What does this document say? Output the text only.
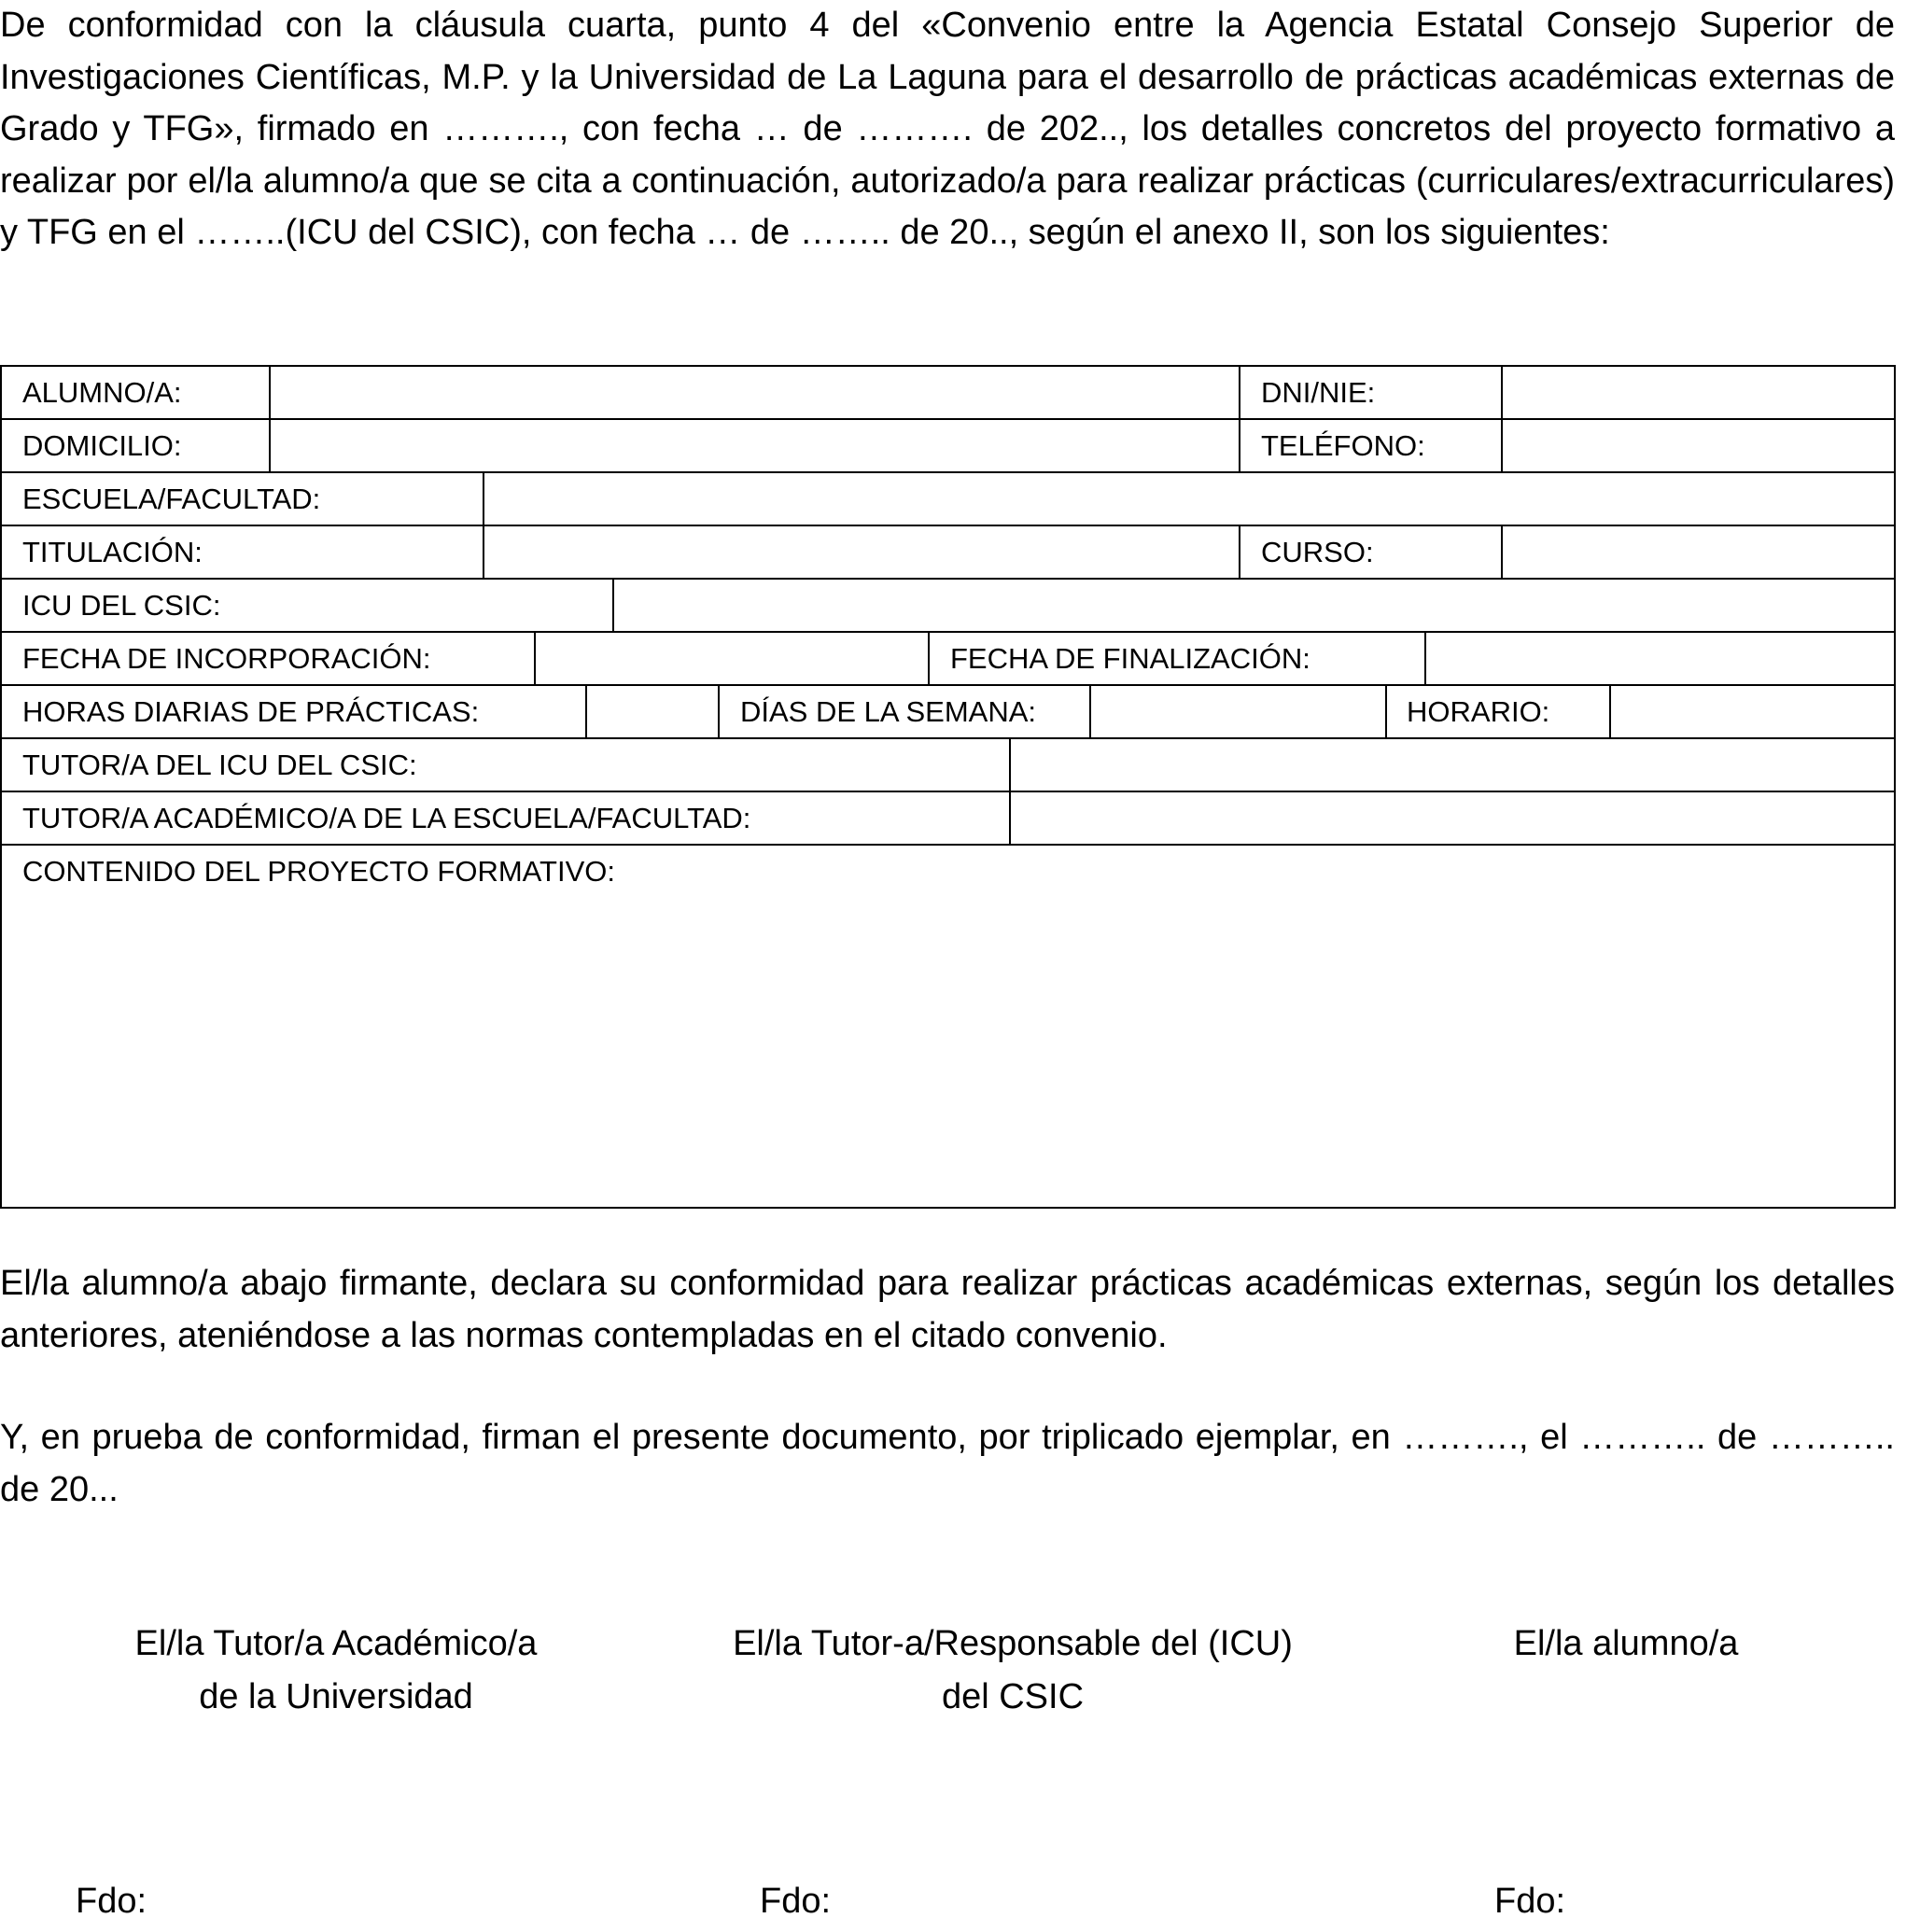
De conformidad con la cláusula cuarta, punto 4 del «Convenio entre la Agencia Estatal Consejo Superior de Investigaciones Científicas, M.P. y la Universidad de La Laguna para el desarrollo de prácticas académicas externas de Grado y TFG», firmado en ………., con fecha … de ………. de 202.., los detalles concretos del proyecto formativo a realizar por el/la alumno/a que se cita a continuación, autorizado/a para realizar prácticas (curriculares/extracurriculares) y TFG en el ……..(ICU del CSIC), con fecha … de …….. de 20.., según el anexo II, son los siguientes:

ALUMNO/A:	DNI/NIE:
DOMICILIO:	TELÉFONO:
ESCUELA/FACULTAD:
TITULACIÓN:	CURSO:
ICU DEL CSIC:
FECHA DE INCORPORACIÓN:	FECHA DE FINALIZACIÓN:
HORAS DIARIAS DE PRÁCTICAS:	DÍAS DE LA SEMANA:	HORARIO:
TUTOR/A DEL ICU DEL CSIC:
TUTOR/A ACADÉMICO/A DE LA ESCUELA/FACULTAD:
CONTENIDO DEL PROYECTO FORMATIVO:

El/la alumno/a abajo firmante, declara su conformidad para realizar prácticas académicas externas, según los detalles anteriores, ateniéndose a las normas contempladas en el citado convenio.

Y, en prueba de conformidad, firman el presente documento, por triplicado ejemplar, en ………., el ……….. de ……….. de 20...

El/la Tutor/a Académico/a
de la Universidad
El/la Tutor-a/Responsable del (ICU)
del CSIC
El/la alumno/a
Fdo:	Fdo:	Fdo:
